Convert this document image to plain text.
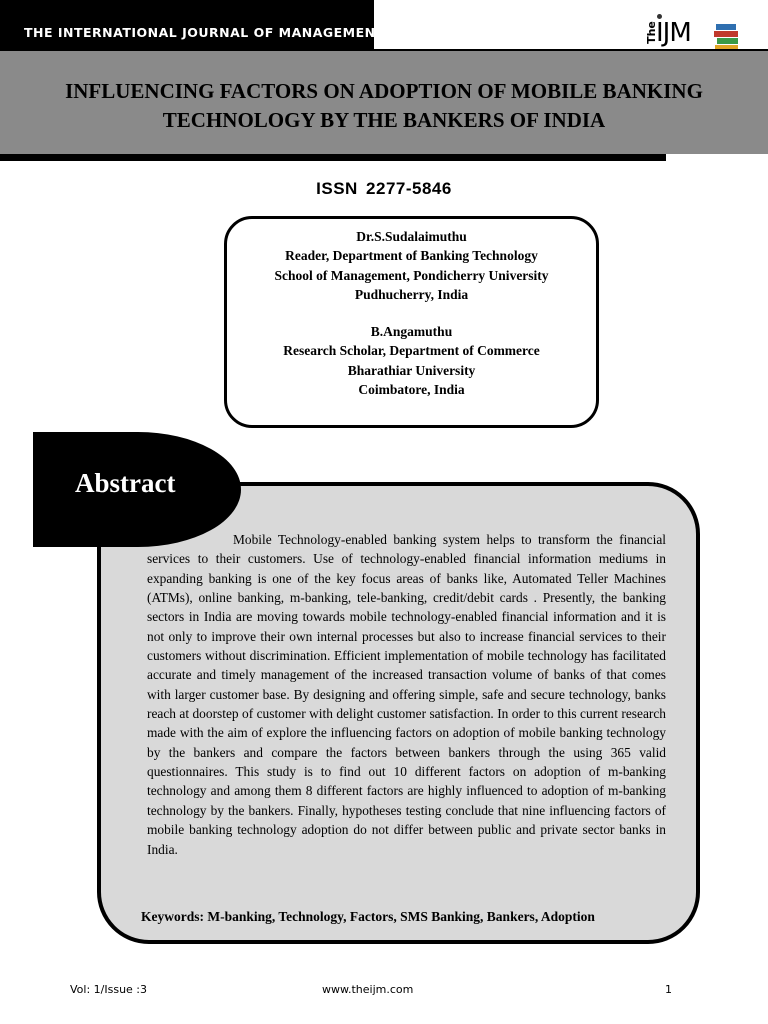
THE INTERNATIONAL JOURNAL OF MANAGEMENT	The
IJM
INFLUENCING FACTORS ON ADOPTION OF MOBILE BANKING
TECHNOLOGY BY THE BANKERS OF INDIA
ISSN 2277-5846
Dr.S.Sudalaimuthu
Reader, Department of Banking Technology
School of Management, Pondicherry University
Pudhucherry, India
B.Angamuthu
Research Scholar, Department of Commerce
Bharathiar University
Coimbatore, India
Abstract

Mobile Technology-enabled banking system helps to transform the financial services to their customers. Use of technology-enabled financial information mediums in expanding banking is one of the key focus areas of banks like, Automated Teller Machines (ATMs), online banking, m-banking, tele-banking, credit/debit cards . Presently, the banking sectors in India are moving towards mobile technology-enabled financial information and it is not only to improve their own internal processes but also to increase financial services to their customers without discrimination. Efficient implementation of mobile technology has facilitated accurate and timely management of the increased transaction volume of banks of that comes with larger customer base. By designing and offering simple, safe and secure technology, banks reach at doorstep of customer with delight customer satisfaction. In order to this current research made with the aim of explore the influencing factors on adoption of mobile banking technology by the bankers and compare the factors between bankers through the using 365 valid questionnaires. This study is to find out 10 different factors on adoption of m-banking technology and among them 8 different factors are highly influenced to adoption of m-banking technology by the bankers. Finally, hypotheses testing conclude that nine influencing factors of mobile banking technology adoption do not differ between public and private sector banks in India.

Keywords: M-banking, Technology, Factors, SMS Banking, Bankers, Adoption
Vol: 1/Issue :3	www.theijm.com	1
